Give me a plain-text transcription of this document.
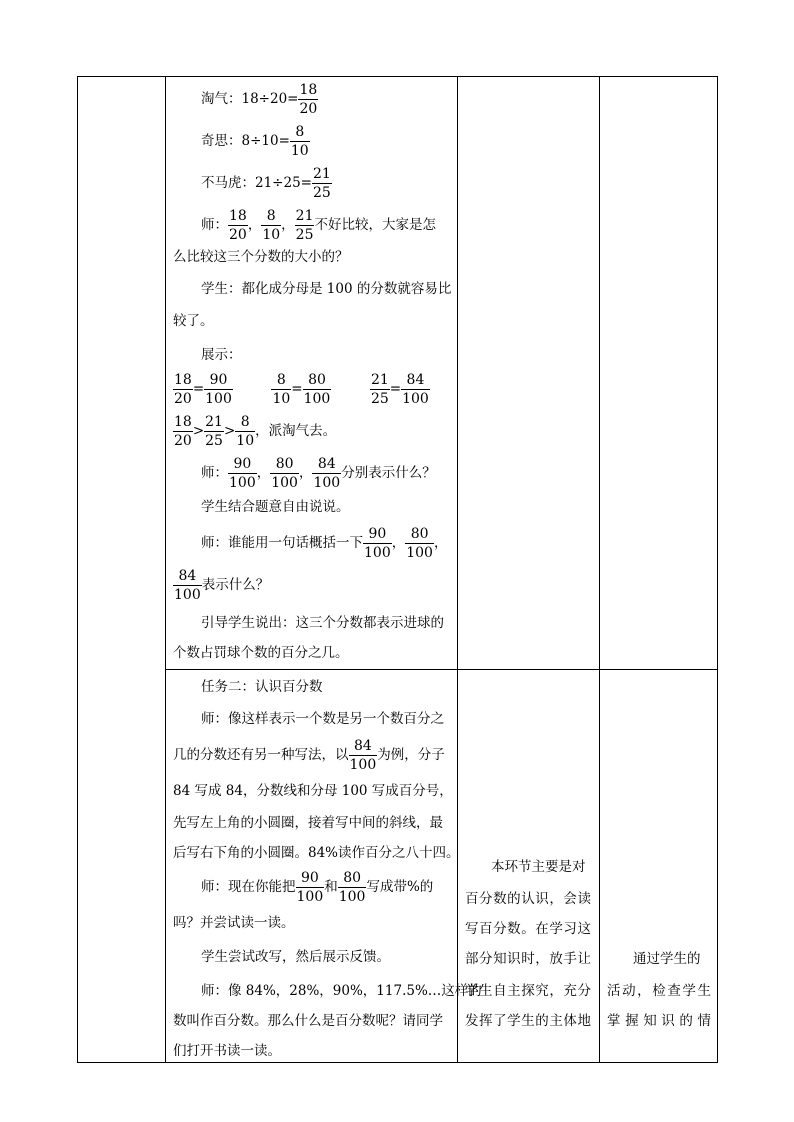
淘气：$18\div 20= \frac{18}{20}$
奇思：$8\div 10= \frac{8}{10}$
不马虎：$21\div 25= \frac{21}{25}$
师： $\frac{18}{20}$ ， $\frac{8}{10}$ ， $\frac{21}{25}$ 不好比较，大家是怎
么比较这三个分数的大小的？
学生：都化成分母是 100 的分数就容易比
较了。
展示：
$\frac{18}{20} = \frac{90}{100}$
	$\frac{8}{10} = \frac{80}{100}$
	$\frac{21}{25} = \frac{84}{100}$
$\frac{18}{20} > \frac{21}{25} > \frac{8}{10}$ ，派淘气去。
师： $\frac{90}{100}$ ， $\frac{80}{100}$ ， $\frac{84}{100}$ 分别表示什么？
学生结合题意自由说说。
师：谁能用一句话概括一下 $\frac{90}{100}$ ， $\frac{80}{100}$ ，
$\frac{84}{100}$ 表示什么？
引导学生说出：这三个分数都表示进球的
个数占罚球个数的百分之几。
任务二：认识百分数
师：像这样表示一个数是另一个数百分之
几的分数还有另一种写法，以 $\frac{84}{100}$ 为例，分子
84 写成 84，分数线和分母 100 写成百分号，
先写左上角的小圆圈，接着写中间的斜线，最
后写右下角的小圆圈。84%读作百分之八十四。
师：现在你能把 $\frac{90}{100}$ 和 $\frac{80}{100}$ 写成带%的
吗？并尝试读一读。
学生尝试改写，然后展示反馈。
师：像 84%，28%，90%，117.5%…这样的
数叫作百分数。那么什么是百分数呢？请同学
们打开书读一读。
本环节主要是对
百分数的认识，会读
写百分数。在学习这
部分知识时，放手让
学生自主探究，充分
发挥了学生的主体地
通过学生的
活动，检查学生
掌握知识的情
